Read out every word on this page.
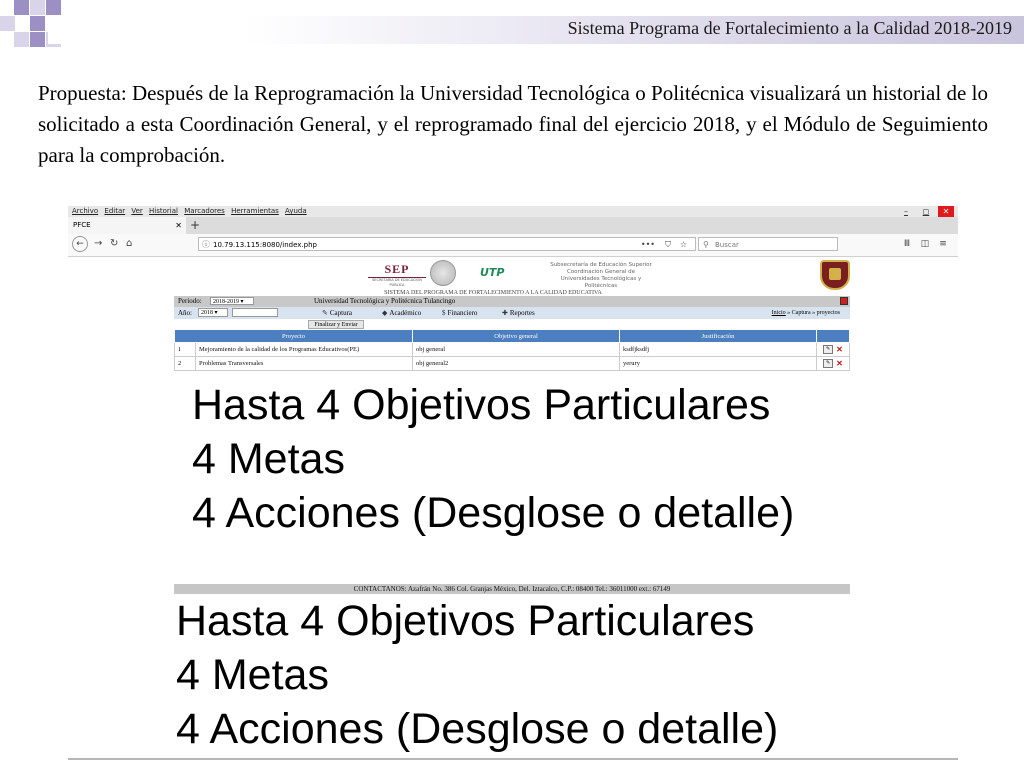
Sistema Programa de Fortalecimiento a la Calidad 2018-2019
Propuesta: Después de la Reprogramación la Universidad Tecnológica o Politécnica visualizará un historial de lo solicitado a esta Coordinación General, y el reprogramado final del ejercicio 2018, y el Módulo de Seguimiento para la comprobación.
Archivo Editar Ver Historial Marcadores Herramientas Ayuda	– ◻ ✕
PFCE	✕ +
←	→ ↻ ⌂	ⓘ 10.79.13.115:8080/index.php	••• ⛉ ☆ ⚲ Buscar	Ⅲ ◫ ≡
SEP
SECRETARÍA DE EDUCACIÓN PÚBLICA
UTP
Subsecretaría de Educación Superior
Coordinación General de
Universidades Tecnológicas y Politécnicas
SISTEMA DEL PROGRAMA DE FORTALECIMIENTO A LA CALIDAD EDUCATIVA
Periodo:	2018-2019 ▾	Universidad Tecnológica y Politécnica Tulancingo
Año:	2018 ▾	✎ Captura	◆ Académico	$ Financiero	✚ Reportes	Inicio » Captura » proyectos
Finalizar y Enviar
Proyecto		Objetivo general	Justificación	
1	Mejoramiento de la calidad de los Programas Educativos(PE)	obj general	ksdfjksdfj	✎ ✕
2	Problemas Transversales	obj general2	yerury	✎ ✕
CONTACTANOS: Azafrán No. 386 Col. Granjas México, Del. Iztacalco, C.P.: 08400 Tel.: 36011000 ext.: 67149
Hasta 4 Objetivos Particulares
4 Metas
4 Acciones (Desglose o detalle)
Hasta 4 Objetivos Particulares
4 Metas
4 Acciones (Desglose o detalle)
